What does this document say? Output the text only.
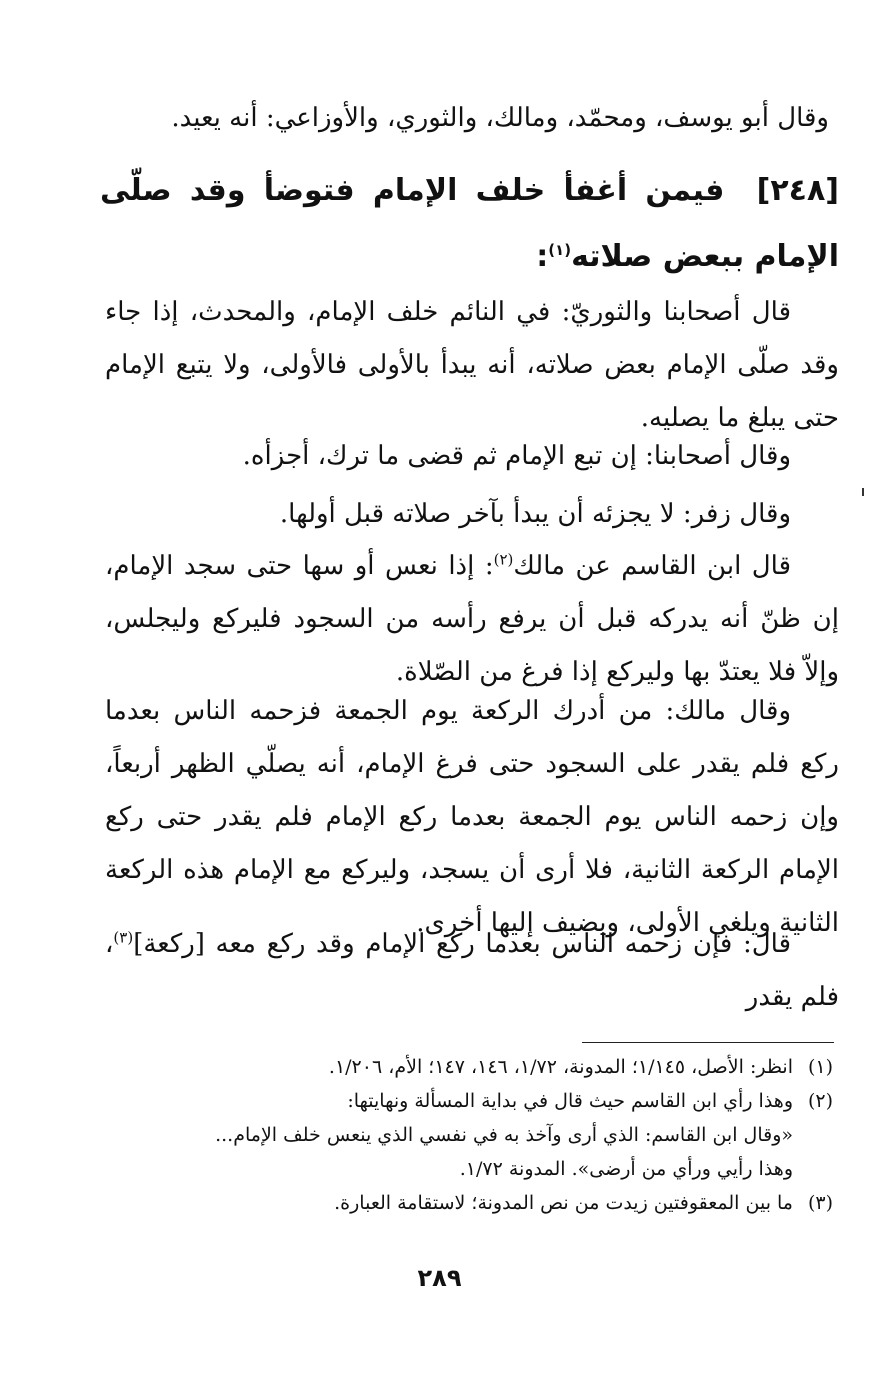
وقال أبو يوسف، ومحمّد، ومالك، والثوري، والأوزاعي: أنه يعيد.

[٢٤٨] فيمن أغفأ خلف الإمام فتوضأ وقد صلّى الإمام ببعض صلاته$^{(١)}$:

قال أصحابنا والثوريّ: في النائم خلف الإمام، والمحدث، إذا جاء وقد صلّى الإمام بعض صلاته، أنه يبدأ بالأولى فالأولى، ولا يتبع الإمام حتى يبلغ ما يصليه.

وقال أصحابنا: إن تبع الإمام ثم قضى ما ترك، أجزأه.

وقال زفر: لا يجزئه أن يبدأ بآخر صلاته قبل أولها.

قال ابن القاسم عن مالك$^{(٢)}$: إذا نعس أو سها حتى سجد الإمام، إن ظنّ أنه يدركه قبل أن يرفع رأسه من السجود فليركع وليجلس، وإلاّ فلا يعتدّ بها وليركع إذا فرغ من الصّلاة.

وقال مالك: من أدرك الركعة يوم الجمعة فزحمه الناس بعدما ركع فلم يقدر على السجود حتى فرغ الإمام، أنه يصلّي الظهر أربعاً، وإن زحمه الناس يوم الجمعة بعدما ركع الإمام فلم يقدر حتى ركع الإمام الركعة الثانية، فلا أرى أن يسجد، وليركع مع الإمام هذه الركعة الثانية ويلغي الأولى، ويضيف إليها أخرى.

قال: فإن زحمه الناس بعدما ركع الإمام وقد ركع معه [ركعة]$^{(٣)}$، فلم يقدر

(١)
انظر: الأصل، ١/١٤٥؛ المدونة، ١/٧٢، ١٤٦، ١٤٧؛ الأم، ١/٢٠٦.
(٢)
وهذا رأي ابن القاسم حيث قال في بداية المسألة ونهايتها:
«وقال ابن القاسم: الذي أرى وآخذ به في نفسي الذي ينعس خلف الإمام...
وهذا رأيي ورأي من أرضى». المدونة ١/٧٢.
(٣)
ما بين المعقوفتين زيدت من نص المدونة؛ لاستقامة العبارة.
٢٨٩
